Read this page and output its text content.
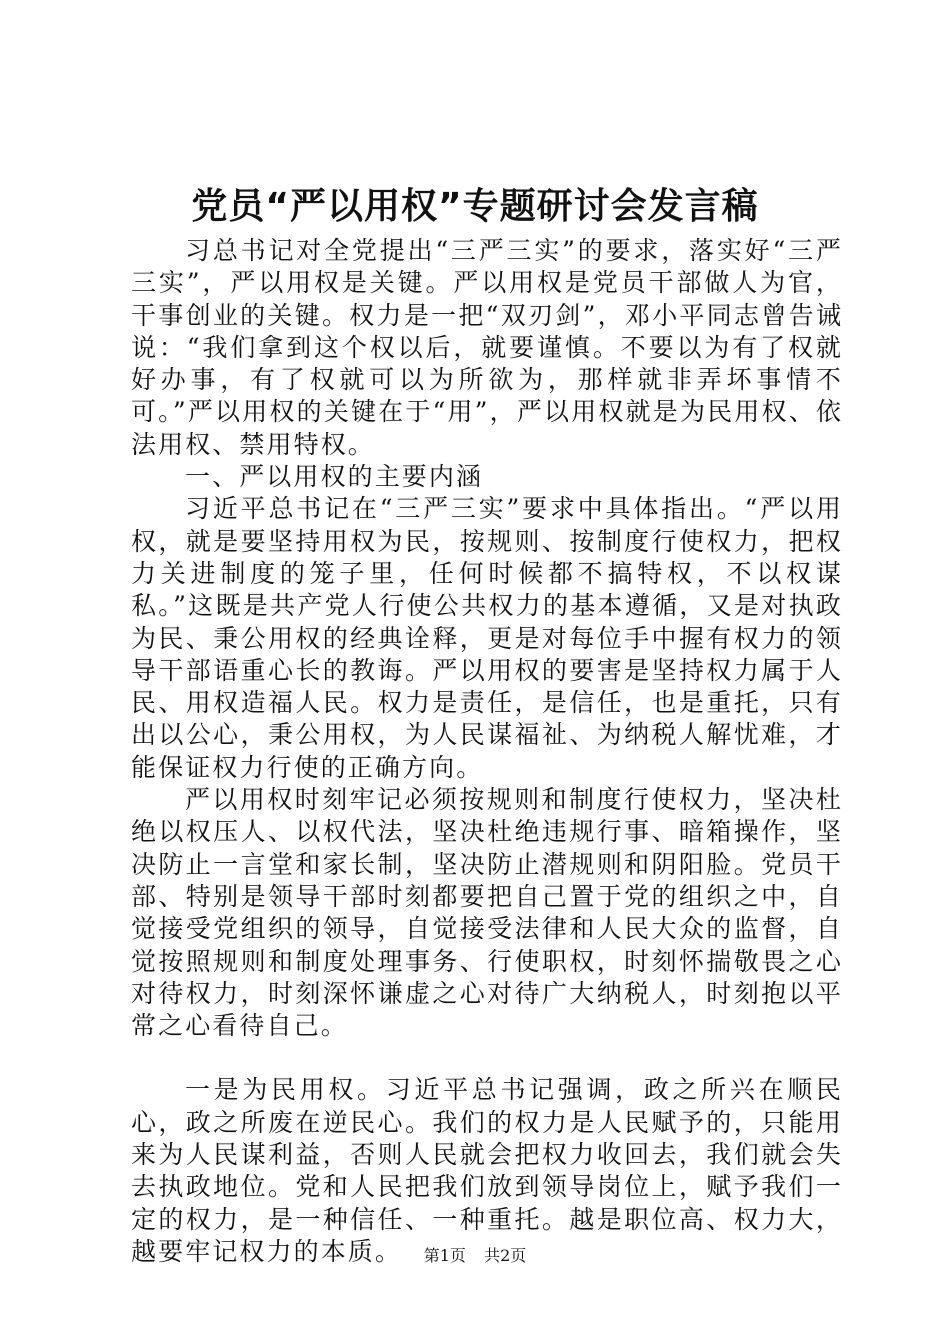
党员“严以用权”专题研讨会发言稿

习总书记对全党提出“三严三实”的要求，落实好“三严三实”，严以用权是关键。严以用权是党员干部做人为官，干事创业的关键。权力是一把“双刃剑”，邓小平同志曾告诫说：“我们拿到这个权以后，就要谨慎。不要以为有了权就好办事，有了权就可以为所欲为，那样就非弄坏事情不可。”严以用权的关键在于“用”，严以用权就是为民用权、依法用权、禁用特权。

一、严以用权的主要内涵

习近平总书记在“三严三实”要求中具体指出。“严以用权，就是要坚持用权为民，按规则、按制度行使权力，把权力关进制度的笼子里，任何时候都不搞特权，不以权谋私。”这既是共产党人行使公共权力的基本遵循，又是对执政为民、秉公用权的经典诠释，更是对每位手中握有权力的领导干部语重心长的教诲。严以用权的要害是坚持权力属于人民、用权造福人民。权力是责任，是信任，也是重托，只有出以公心，秉公用权，为人民谋福祉、为纳税人解忧难，才能保证权力行使的正确方向。

严以用权时刻牢记必须按规则和制度行使权力，坚决杜绝以权压人、以权代法，坚决杜绝违规行事、暗箱操作，坚决防止一言堂和家长制，坚决防止潜规则和阴阳脸。党员干部、特别是领导干部时刻都要把自己置于党的组织之中，自觉接受党组织的领导，自觉接受法律和人民大众的监督，自觉按照规则和制度处理事务、行使职权，时刻怀揣敬畏之心对待权力，时刻深怀谦虚之心对待广大纳税人，时刻抱以平常之心看待自己。

一是为民用权。习近平总书记强调，政之所兴在顺民心，政之所废在逆民心。我们的权力是人民赋予的，只能用来为人民谋利益，否则人民就会把权力收回去，我们就会失去执政地位。党和人民把我们放到领导岗位上，赋予我们一定的权力，是一种信任、一种重托。越是职位高、权力大，越要牢记权力的本质。	第1页 共2页
